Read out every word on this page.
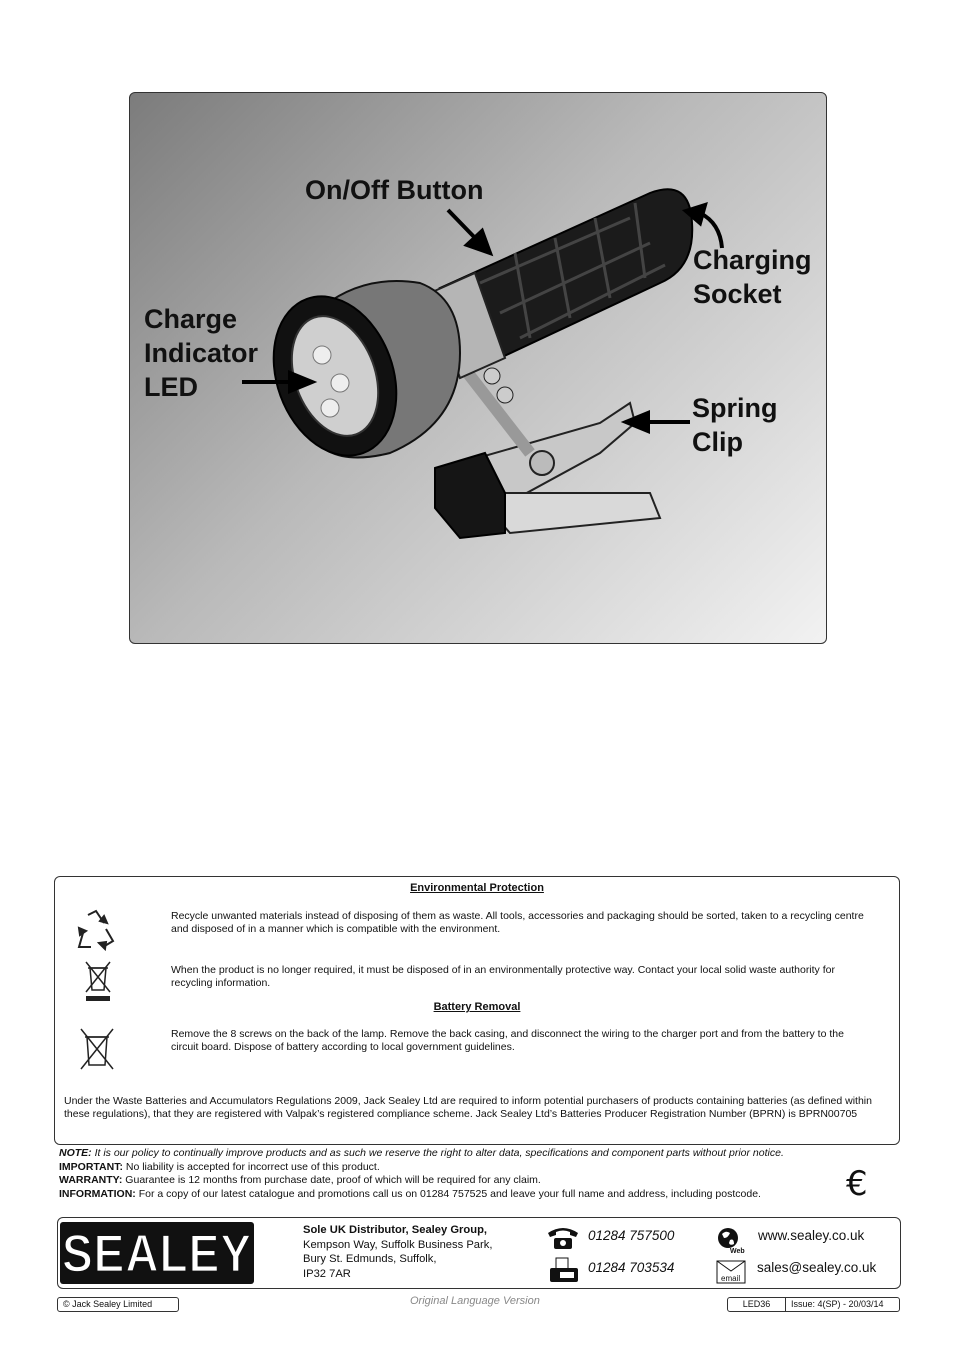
On/Off Button
Charging
Socket
Charge
Indicator
LED
Spring
Clip
Environmental Protection
Recycle unwanted materials instead of disposing of them as waste. All tools, accessories and packaging should be sorted, taken to a recycling centre and disposed of in a manner which is compatible with the environment.
When the product is no longer required, it must be disposed of in an environmentally protective way. Contact your local solid waste authority for recycling information.
Battery Removal
Remove the 8 screws on the back of the lamp. Remove the back casing, and disconnect the wiring to the charger port and from the battery to the circuit board. Dispose of battery according to local government guidelines.
Under the Waste Batteries and Accumulators Regulations 2009, Jack Sealey Ltd are required to inform potential purchasers of products containing batteries (as defined within these regulations), that they are registered with Valpak’s registered compliance scheme. Jack Sealey Ltd’s Batteries Producer Registration Number (BPRN) is BPRN00705
NOTE: It is our policy to continually improve products and as such we reserve the right to alter data, specifications and component parts without prior notice.
IMPORTANT: No liability is accepted for incorrect use of this product.
WARRANTY: Guarantee is 12 months from purchase date, proof of which will be required for any claim.
INFORMATION: For a copy of our latest catalogue and promotions call us on 01284 757525 and leave your full name and address, including postcode.	€
SEALEY	Sole UK Distributor, Sealey Group,
Kempson Way, Suffolk Business Park,
Bury St. Edmunds, Suffolk,
IP32 7AR
01284 757500
01284 703534
Web
www.sealey.co.uk
email
sales@sealey.co.uk
© Jack Sealey Limited	Original Language Version	LED36	Issue: 4(SP) - 20/03/14
